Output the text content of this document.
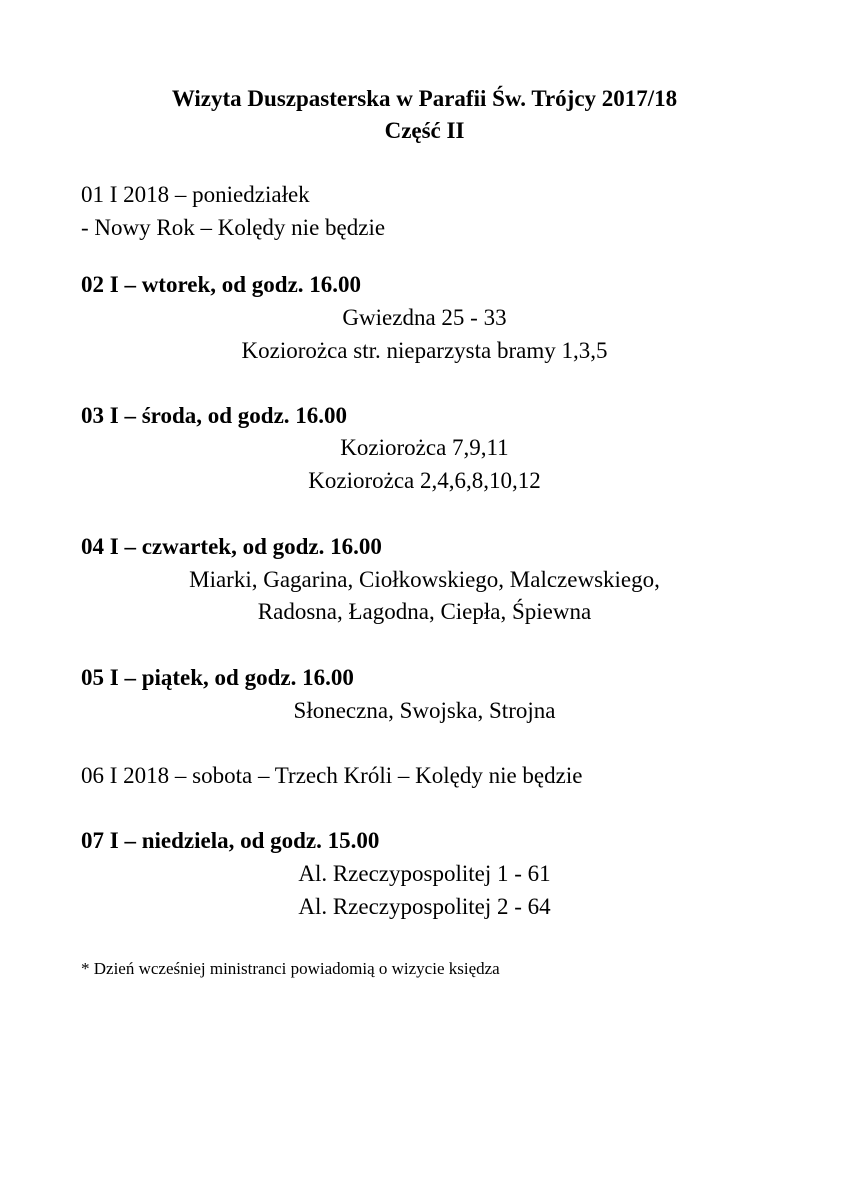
Wizyta Duszpasterska w Parafii Św. Trójcy 2017/18
Część II
01 I 2018 – poniedziałek
- Nowy Rok – Kolędy nie będzie
02 I – wtorek, od godz. 16.00
Gwiezdna 25 - 33
Koziorożca str. nieparzysta bramy 1,3,5
03 I – środa, od godz. 16.00
Koziorożca 7,9,11
Koziorożca 2,4,6,8,10,12
04 I – czwartek, od godz. 16.00
Miarki, Gagarina, Ciołkowskiego, Malczewskiego,
Radosna, Łagodna, Ciepła, Śpiewna
05 I – piątek, od godz. 16.00
Słoneczna, Swojska, Strojna
06 I 2018 – sobota – Trzech Króli – Kolędy nie będzie
07 I – niedziela, od godz. 15.00
Al. Rzeczypospolitej 1 - 61
Al. Rzeczypospolitej 2 - 64
* Dzień wcześniej ministranci powiadomią o wizycie księdza
